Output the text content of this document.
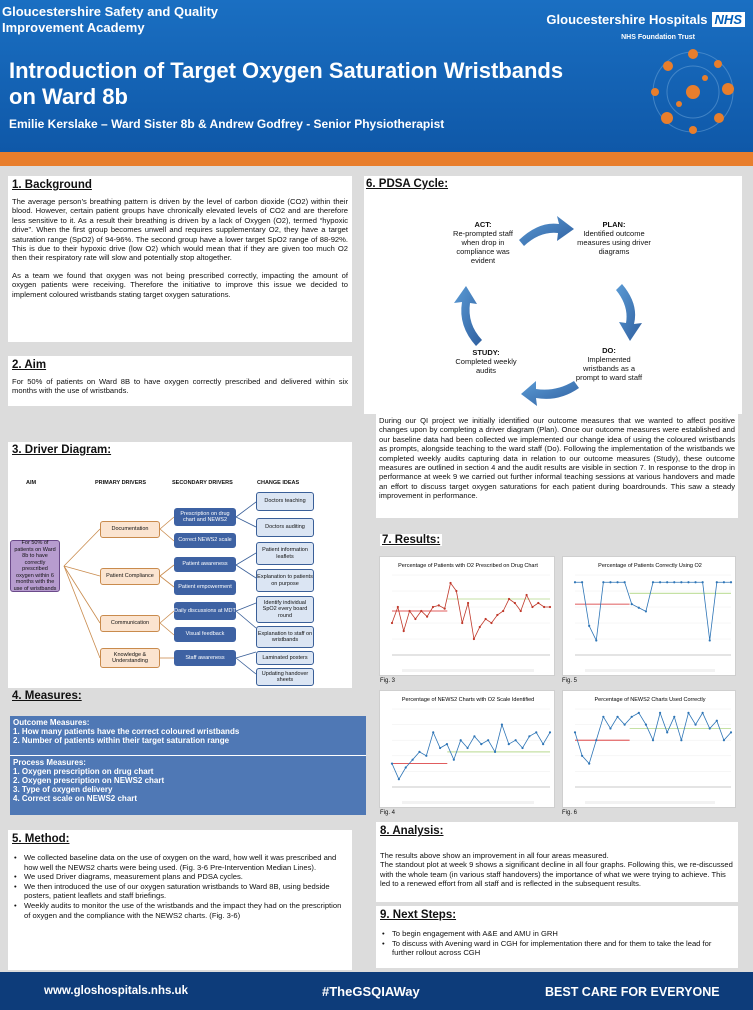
Gloucestershire Safety and Quality Improvement Academy
Gloucestershire Hospitals NHS
NHS Foundation Trust
Introduction of Target Oxygen Saturation Wristbands on Ward 8b
Emilie Kerslake – Ward Sister 8b & Andrew Godfrey - Senior Physiotherapist
1. Background

The average person’s breathing pattern is driven by the level of carbon dioxide (CO2) within their blood. However, certain patient groups have chronically elevated levels of CO2 and are therefore less sensitive to it. As a result their breathing is driven by a lack of Oxygen (O2), termed “hypoxic drive”. When the first group becomes unwell and requires supplementary O2, they have a target saturation range (SpO2) of 94-96%. The second group have a lower target SpO2 range of 88-92%. This is due to their hypoxic drive (low O2) which would mean that if they are given too much O2 then their respiratory rate will slow and potentially stop altogether.

As a team we found that oxygen was not being prescribed correctly, impacting the amount of oxygen patients were receiving. Therefore the initiative to improve this issue we decided to implement coloured wristbands stating target oxygen saturations.

2. Aim

For 50% of patients on Ward 8B to have oxygen correctly prescribed and delivered within six months with the use of wristbands.

3. Driver Diagram:
AIM	PRIMARY DRIVERS	SECONDARY DRIVERS	CHANGE IDEAS
For 50% of patients on Ward 8b to have correctly prescribed oxygen within 6 months with the use of wristbands
Documentation
Patient Compliance
Communication
Knowledge & Understanding
Prescription on drug chart and NEWS2
Correct NEWS2 scale
Patient awareness
Patient empowerment
Daily discussions at MDT
Visual feedback
Staff awareness
Doctors teaching
Doctors auditing
Patient information leaflets
Explanation to patients on purpose
Identify individual SpO2 every board round
Explanation to staff on wristbands
Laminated posters
Updating handover sheets
4. Measures:
5. Method:
• We collected baseline data on the use of oxygen on the ward, how well it was prescribed and how well the NEWS2 charts were being used. (Fig. 3-6 Pre-Intervention Median Lines).
• We used Driver diagrams, measurement plans and PDSA cycles.
• We then introduced the use of our oxygen saturation wristbands to Ward 8B, using bedside posters, patient leaflets and staff briefings.
• Weekly audits to monitor the use of the wristbands and the impact they had on the prescription of oxygen and the compliance with the NEWS2 charts. (Fig. 3-6)
6. PDSA Cycle:
ACT:
Re-prompted staff when drop in compliance was evident
PLAN:
Identified outcome measures using driver diagrams
DO:
Implemented wristbands as a prompt to ward staff
STUDY:
Completed weekly audits

During our QI project we initially identified our outcome measures that we wanted to affect positive changes upon by completing a driver diagram (Plan). Once our outcome measures were established and our baseline data had been collected we implemented our change idea of using the coloured wristbands as prompts, alongside teaching to the ward staff (Do). Following the implementation of the wristbands we completed weekly audits capturing data in relation to our outcome measures (Study), these outcome measures are outlined in section 4 and the audit results are visible in section 7. In response to the drop in performance at week 9 we carried out further informal teaching sessions at various handovers and made an effort to discuss target oxygen saturations for each patient during boardrounds. This saw a steady improvement in performance.

7. Results:
Percentage of Patients with O2 Prescribed on Drug Chart
Fig. 3
Percentage of Patients Correctly Using O2
Fig. 5
Percentage of NEWS2 Charts with O2 Scale Identified
Fig. 4
Percentage of NEWS2 Charts Used Correctly
Fig. 6
8. Analysis:

The results above show an improvement in all four areas measured.

The standout plot at week 9 shows a significant decline in all four graphs. Following this, we re-discussed with the whole team (in various staff handovers) the importance of what we were trying to achieve. This led to a renewed effort from all staff and is reflected in the subsequent results.

9. Next Steps:
• To begin engagement with A&E and AMU in GRH
• To discuss with Avening ward in CGH for implementation there and for them to take the lead for further rollout across CGH
Outcome Measures:
1. How many patients have the correct coloured wristbands
2. Number of patients within their target saturation range
Process Measures:
1. Oxygen prescription on drug chart
2. Oxygen prescription on NEWS2 chart
3. Type of oxygen delivery
4. Correct scale on NEWS2 chart
www.gloshospitals.nhs.uk	#TheGSQIAWay	BEST CARE FOR EVERYONE
